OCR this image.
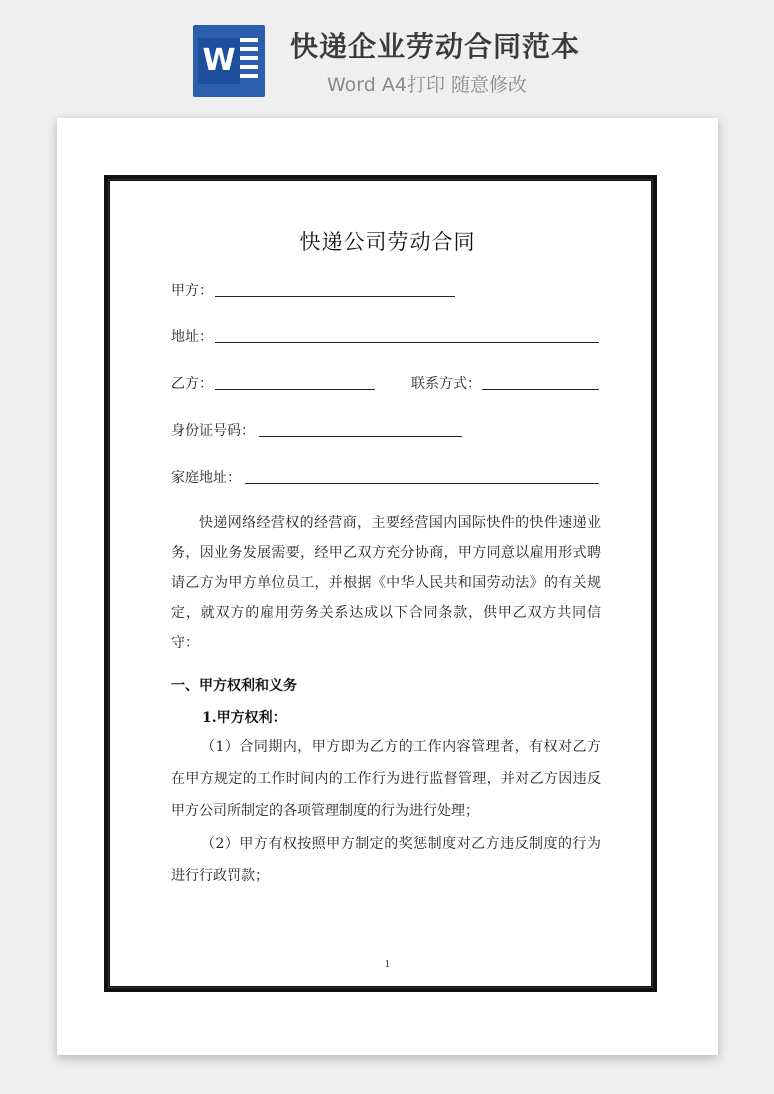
W 快递企业劳动合同范本
Word A4打印 随意修改
快递公司劳动合同
甲方：
地址：
乙方：	联系方式：
身份证号码：
家庭地址：
快递网络经营权的经营商，主要经营国内国际快件的快件速递业务，因业务发展需要，经甲乙双方充分协商，甲方同意以雇用形式聘请乙方为甲方单位员工，并根据《中华人民共和国劳动法》的有关规定，就双方的雇用劳务关系达成以下合同条款，供甲乙双方共同信守：
一、甲方权利和义务
1.甲方权利：
（1）合同期内，甲方即为乙方的工作内容管理者，有权对乙方在甲方规定的工作时间内的工作行为进行监督管理，并对乙方因违反甲方公司所制定的各项管理制度的行为进行处理；
（2）甲方有权按照甲方制定的奖惩制度对乙方违反制度的行为进行行政罚款；
1
